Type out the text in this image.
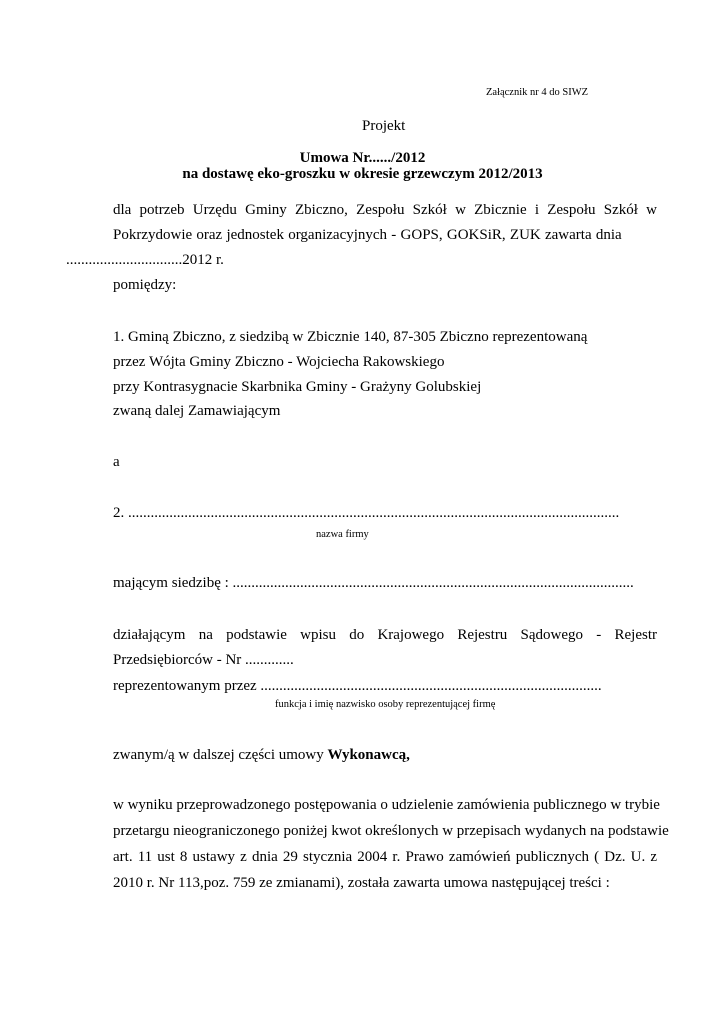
Załącznik nr 4 do SIWZ
Projekt
Umowa Nr....../2012
na dostawę eko-groszku w okresie grzewczym 2012/2013
dla potrzeb Urzędu Gminy Zbiczno, Zespołu Szkół w Zbicznie i Zespołu Szkół w
Pokrzydowie oraz jednostek organizacyjnych - GOPS, GOKSiR, ZUK zawarta dnia
...............................2012 r.
pomiędzy:
1. Gminą Zbiczno, z siedzibą w Zbicznie 140, 87-305 Zbiczno reprezentowaną
przez Wójta Gminy Zbiczno - Wojciecha Rakowskiego
przy Kontrasygnacie Skarbnika Gminy - Grażyny Golubskiej
zwaną dalej Zamawiającym
a
2. ...................................................................................................................................
nazwa firmy
mającym siedzibę : ...........................................................................................................
działającym na podstawie wpisu do Krajowego Rejestru Sądowego - Rejestr
Przedsiębiorców - Nr .............
reprezentowanym przez ...........................................................................................
funkcja i imię nazwisko osoby reprezentującej firmę
zwanym/ą w dalszej części umowy Wykonawcą,
w wyniku przeprowadzonego postępowania o udzielenie zamówienia publicznego w trybie
przetargu nieograniczonego poniżej kwot określonych w przepisach wydanych na podstawie
art. 11 ust 8 ustawy z dnia 29 stycznia 2004 r. Prawo zamówień publicznych ( Dz. U. z
2010 r. Nr 113,poz. 759 ze zmianami), została zawarta umowa następującej treści :
